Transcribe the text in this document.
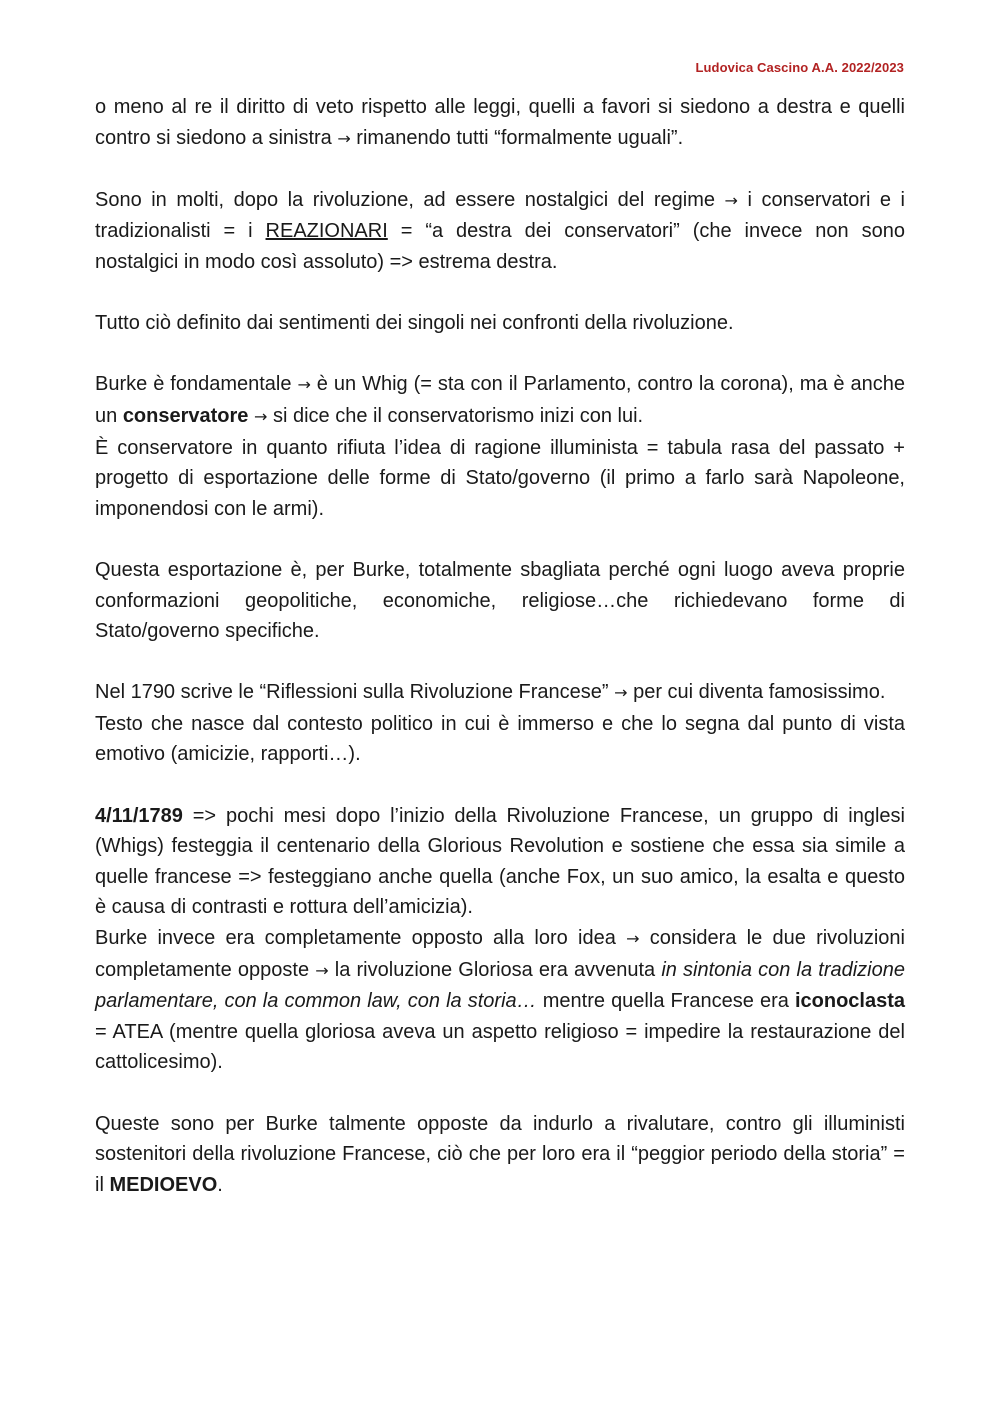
Ludovica Cascino A.A. 2022/2023

o meno al re il diritto di veto rispetto alle leggi, quelli a favori si siedono a destra e quelli contro si siedono a sinistra → rimanendo tutti “formalmente uguali”.

Sono in molti, dopo la rivoluzione, ad essere nostalgici del regime → i conservatori e i tradizionalisti = i REAZIONARI = “a destra dei conservatori” (che invece non sono nostalgici in modo così assoluto) => estrema destra.

Tutto ciò definito dai sentimenti dei singoli nei confronti della rivoluzione.

Burke è fondamentale → è un Whig (= sta con il Parlamento, contro la corona), ma è anche un conservatore → si dice che il conservatorismo inizi con lui.

È conservatore in quanto rifiuta l’idea di ragione illuminista = tabula rasa del passato + progetto di esportazione delle forme di Stato/governo (il primo a farlo sarà Napoleone, imponendosi con le armi).

Questa esportazione è, per Burke, totalmente sbagliata perché ogni luogo aveva proprie conformazioni geopolitiche, economiche, religiose…che richiedevano forme di Stato/governo specifiche.

Nel 1790 scrive le “Riflessioni sulla Rivoluzione Francese” → per cui diventa famosissimo.

Testo che nasce dal contesto politico in cui è immerso e che lo segna dal punto di vista emotivo (amicizie, rapporti…).

4/11/1789 => pochi mesi dopo l’inizio della Rivoluzione Francese, un gruppo di inglesi (Whigs) festeggia il centenario della Glorious Revolution e sostiene che essa sia simile a quelle francese => festeggiano anche quella (anche Fox, un suo amico, la esalta e questo è causa di contrasti e rottura dell’amicizia).

Burke invece era completamente opposto alla loro idea → considera le due rivoluzioni completamente opposte → la rivoluzione Gloriosa era avvenuta in sintonia con la tradizione parlamentare, con la common law, con la storia… mentre quella Francese era iconoclasta = ATEA (mentre quella gloriosa aveva un aspetto religioso = impedire la restaurazione del cattolicesimo).

Queste sono per Burke talmente opposte da indurlo a rivalutare, contro gli illuministi sostenitori della rivoluzione Francese, ciò che per loro era il “peggior periodo della storia” = il MEDIOEVO.
